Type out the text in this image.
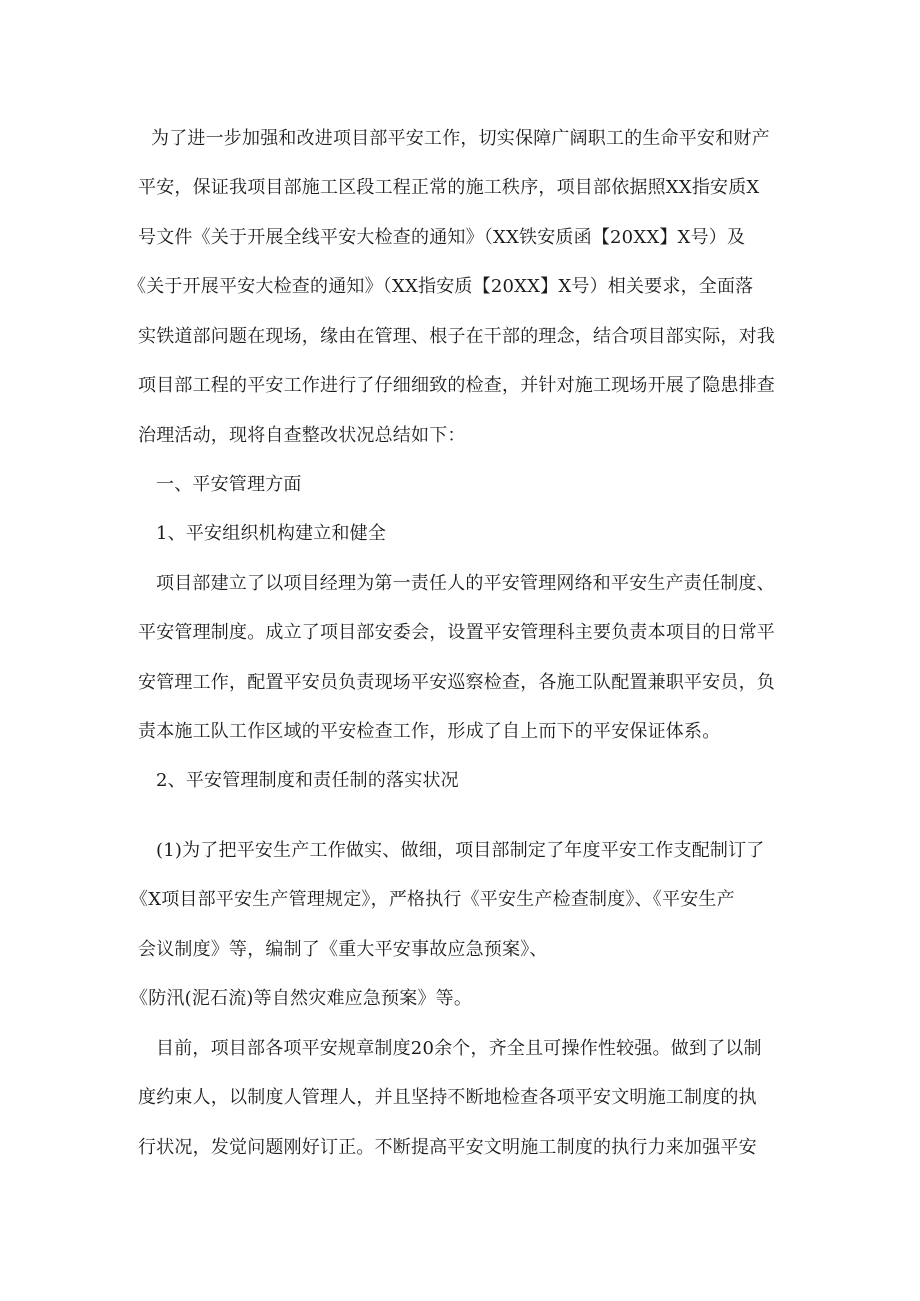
为了进一步加强和改进项目部平安工作，切实保障广阔职工的生命平安和财产
平安，保证我项目部施工区段工程正常的施工秩序，项目部依据照XX指安质X
号文件《关于开展全线平安大检查的通知》（XX铁安质函【20XX】X号）及
《关于开展平安大检查的通知》（XX指安质【20XX】X号）相关要求，全面落
实铁道部问题在现场，缘由在管理、根子在干部的理念，结合项目部实际，对我
项目部工程的平安工作进行了仔细细致的检查，并针对施工现场开展了隐患排查
治理活动，现将自查整改状况总结如下：
一、平安管理方面
1、平安组织机构建立和健全
项目部建立了以项目经理为第一责任人的平安管理网络和平安生产责任制度、
平安管理制度。成立了项目部安委会，设置平安管理科主要负责本项目的日常平
安管理工作，配置平安员负责现场平安巡察检查，各施工队配置兼职平安员，负
责本施工队工作区域的平安检查工作，形成了自上而下的平安保证体系。
2、平安管理制度和责任制的落实状况
(1)为了把平安生产工作做实、做细，项目部制定了年度平安工作支配制订了
《X项目部平安生产管理规定》，严格执行《平安生产检查制度》、《平安生产
会议制度》等，编制了《重大平安事故应急预案》、
《防汛(泥石流)等自然灾难应急预案》等。
目前，项目部各项平安规章制度20余个，齐全且可操作性较强。做到了以制
度约束人，以制度人管理人，并且坚持不断地检查各项平安文明施工制度的执
行状况，发觉问题刚好订正。不断提高平安文明施工制度的执行力来加强平安
